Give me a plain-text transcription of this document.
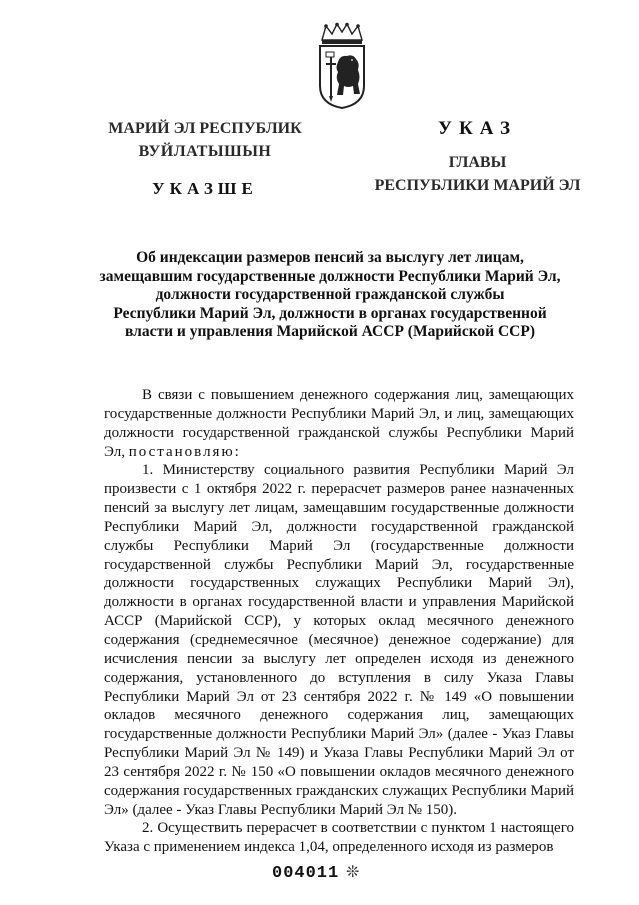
МАРИЙ ЭЛ РЕСПУБЛИК
ВУЙЛАТЫШЫН
УКАЗШЕ
УКАЗ
ГЛАВЫ
РЕСПУБЛИКИ МАРИЙ ЭЛ
Об индексации размеров пенсий за выслугу лет лицам,
замещавшим государственные должности Республики Марий Эл,
должности государственной гражданской службы
Республики Марий Эл, должности в органах государственной
власти и управления Марийской АССР (Марийской ССР)

В связи с повышением денежного содержания лиц, замещающих государственные должности Республики Марий Эл, и лиц, замещающих должности государственной гражданской службы Республики Марий Эл, постановляю:

1. Министерству социального развития Республики Марий Эл произвести с 1 октября 2022 г. перерасчет размеров ранее назначенных пенсий за выслугу лет лицам, замещавшим государственные должности Республики Марий Эл, должности государственной гражданской службы Республики Марий Эл (государственные должности государственной службы Республики Марий Эл, государственные должности государственных служащих Республики Марий Эл), должности в органах государственной власти и управления Марийской АССР (Марийской ССР), у которых оклад месячного денежного содержания (среднемесячное (месячное) денежное содержание) для исчисления пенсии за выслугу лет определен исходя из денежного содержания, установленного до вступления в силу Указа Главы Республики Марий Эл от 23 сентября 2022 г. № 149 «О повышении окладов месячного денежного содержания лиц, замещающих государственные должности Республики Марий Эл» (далее - Указ Главы Республики Марий Эл № 149) и Указа Главы Республики Марий Эл от 23 сентября 2022 г. № 150 «О повышении окладов месячного денежного содержания государственных гражданских служащих Республики Марий Эл» (далее - Указ Главы Республики Марий Эл № 150).

2. Осуществить перерасчет в соответствии с пунктом 1 настоящего Указа с применением индекса 1,04, определенного исходя из размеров

004011 ❊
